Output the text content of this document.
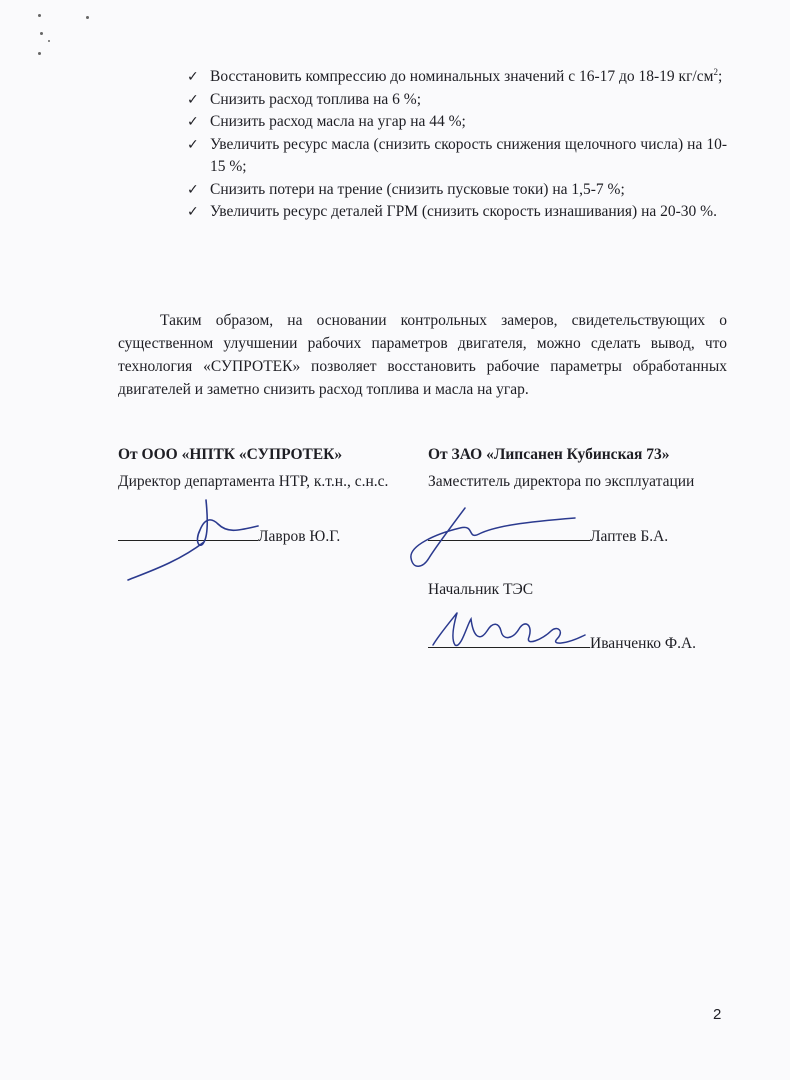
✓ Восстановить компрессию до номинальных значений с 16-17 до 18-19 $кг/см^2$;
✓ Снизить расход топлива на 6 %;
✓ Снизить расход масла на угар на 44 %;
✓ Увеличить ресурс масла (снизить скорость снижения щелочного числа) на 10-15 %;
✓ Снизить потери на трение (снизить пусковые токи) на 1,5-7 %;
✓ Увеличить ресурс деталей ГРМ (снизить скорость изнашивания) на 20-30 %.

Таким образом, на основании контрольных замеров, свидетельствующих о существенном улучшении рабочих параметров двигателя, можно сделать вывод, что технология «СУПРОТЕК» позволяет восстановить рабочие параметры обработанных двигателей и заметно снизить расход топлива и масла на угар.

От ООО «НПТК «СУПРОТЕК»
Директор департамента НТР, к.т.н., с.н.с.
Лавров Ю.Г.
От ЗАО «Липсанен Кубинская 73»
Заместитель директора по эксплуатации
Лаптев Б.А.
Начальник ТЭС
Иванченко Ф.А.
2
